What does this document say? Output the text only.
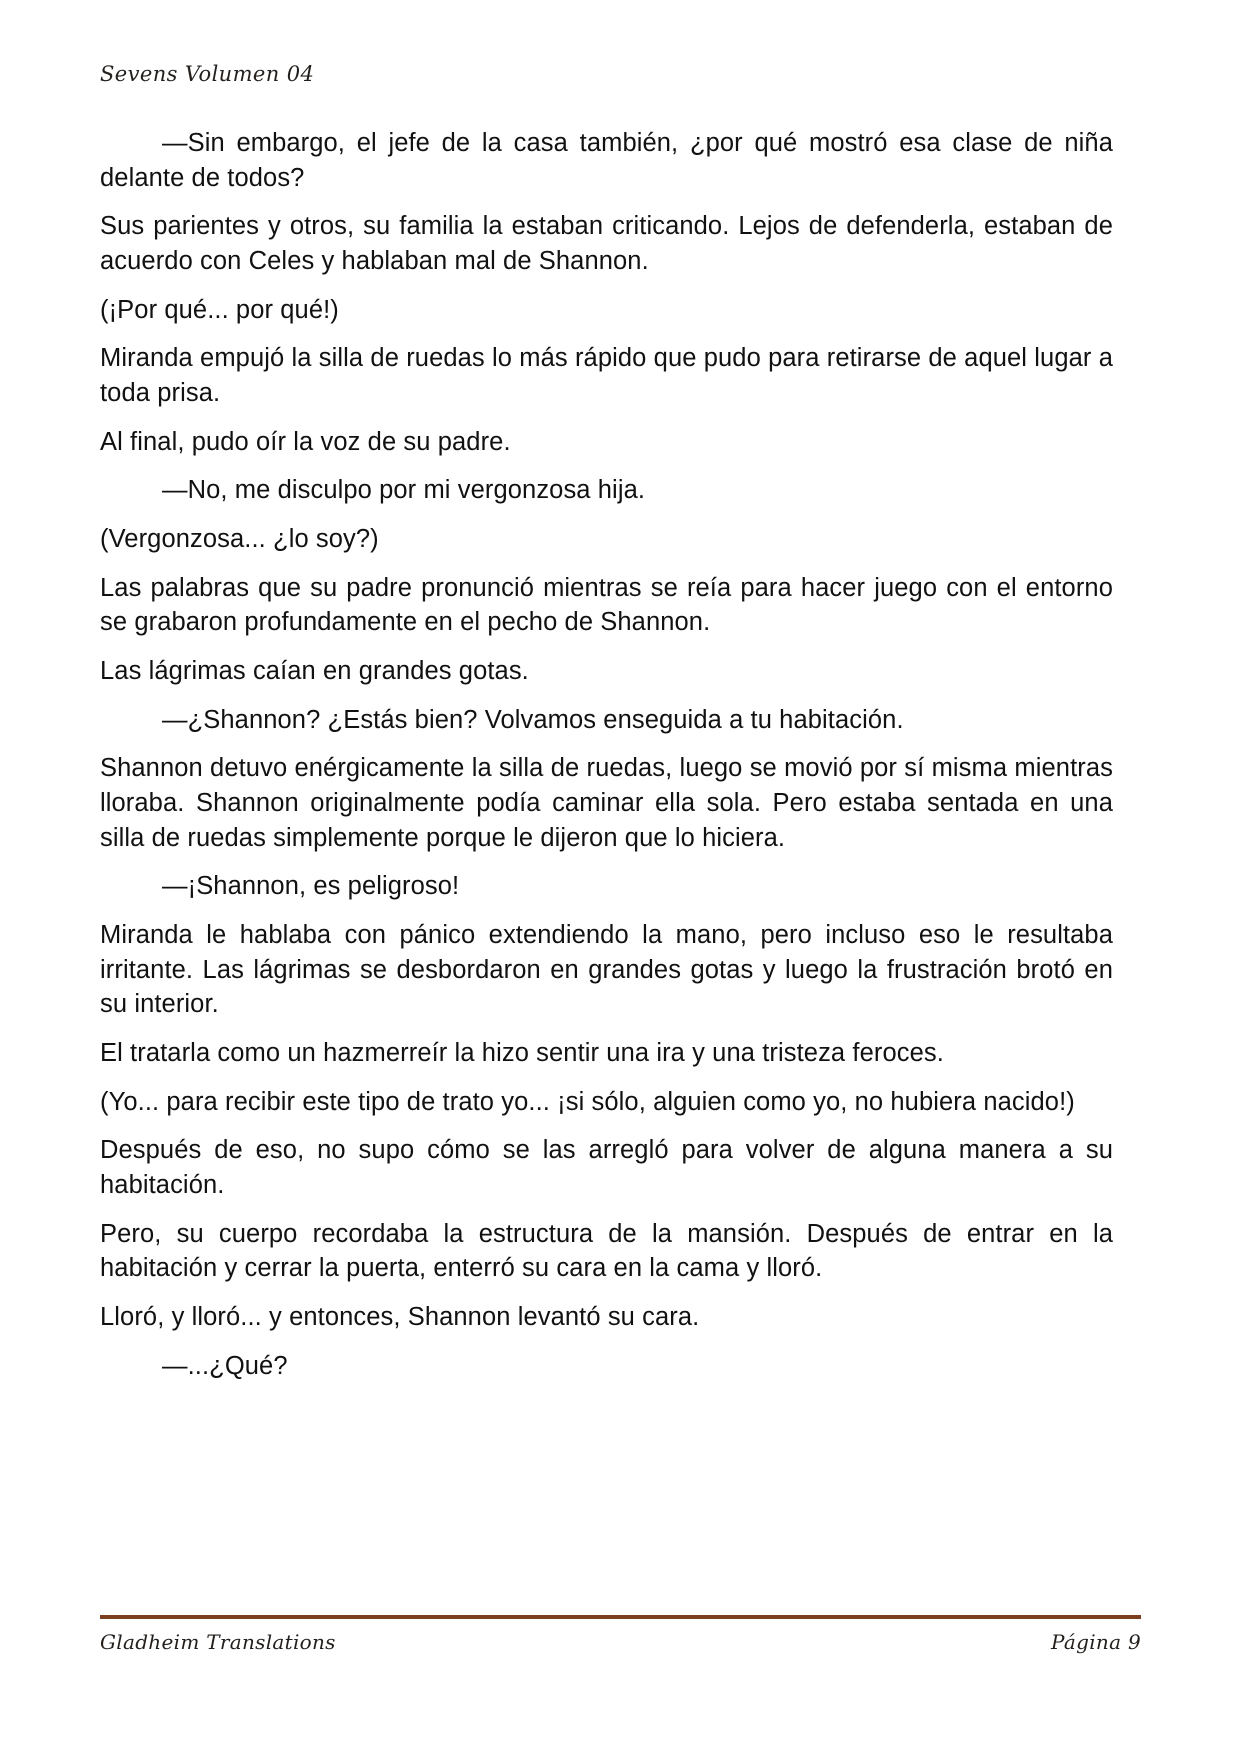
Sevens Volumen 04

—Sin embargo, el jefe de la casa también, ¿por qué mostró esa clase de niña delante de todos?

Sus parientes y otros, su familia la estaban criticando. Lejos de defenderla, estaban de acuerdo con Celes y hablaban mal de Shannon.

(¡Por qué... por qué!)

Miranda empujó la silla de ruedas lo más rápido que pudo para retirarse de aquel lugar a toda prisa.

Al final, pudo oír la voz de su padre.

—No, me disculpo por mi vergonzosa hija.

(Vergonzosa... ¿lo soy?)

Las palabras que su padre pronunció mientras se reía para hacer juego con el entorno se grabaron profundamente en el pecho de Shannon.

Las lágrimas caían en grandes gotas.

—¿Shannon? ¿Estás bien? Volvamos enseguida a tu habitación.

Shannon detuvo enérgicamente la silla de ruedas, luego se movió por sí misma mientras lloraba. Shannon originalmente podía caminar ella sola. Pero estaba sentada en una silla de ruedas simplemente porque le dijeron que lo hiciera.

—¡Shannon, es peligroso!

Miranda le hablaba con pánico extendiendo la mano, pero incluso eso le resultaba irritante. Las lágrimas se desbordaron en grandes gotas y luego la frustración brotó en su interior.

El tratarla como un hazmerreír la hizo sentir una ira y una tristeza feroces.

(Yo... para recibir este tipo de trato yo... ¡si sólo, alguien como yo, no hubiera nacido!)

Después de eso, no supo cómo se las arregló para volver de alguna manera a su habitación.

Pero, su cuerpo recordaba la estructura de la mansión. Después de entrar en la habitación y cerrar la puerta, enterró su cara en la cama y lloró.

Lloró, y lloró... y entonces, Shannon levantó su cara.

—...¿Qué?

Gladheim Translations	Página 9
